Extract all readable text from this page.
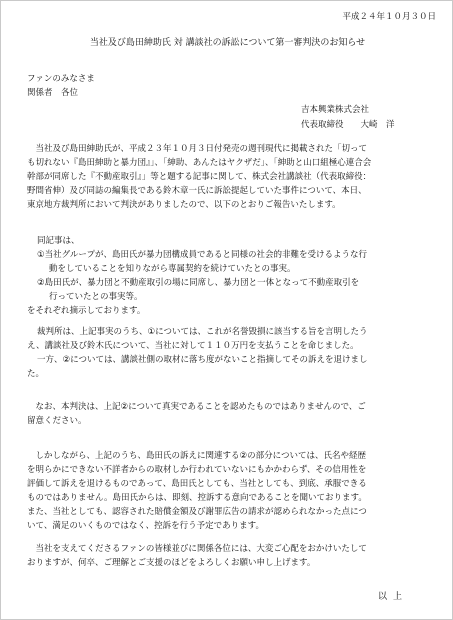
平成２４年１０月３０日
当社及び島田紳助氏 対 講談社の訴訟について第一審判決のお知らせ
ファンのみなさま
関係者　各位
吉本興業株式会社
代表取締役　　大崎　洋
　当社及び島田紳助氏が、平成２３年１０月３日付発売の週刊現代に掲載された「切って
も切れない『島田紳助と暴力団』」、「紳助、あんたはヤクザだ」、「紳助と山口組極心連合会
幹部が同席した『不動産取引』」等と題する記事に関して、株式会社講談社（代表取締役：
野間省伸）及び同誌の編集長である鈴木章一氏に訴訟提起していた事件について、本日、
東京地方裁判所において判決がありましたので、以下のとおりご報告いたします。
同記事は、
①当社グループが、島田氏が暴力団構成員であると同様の社会的非難を受けるような行
動をしていることを知りながら専属契約を続けていたとの事実。
②島田氏が、暴力団と不動産取引の場に同席し、暴力団と一体となって不動産取引を
行っていたとの事実等。
をそれぞれ摘示しております。
裁判所は、上記事実のうち、①については、これが名誉毀損に該当する旨を言明したう
え、講談社及び鈴木氏について、当社に対して１１０万円を支払うことを命じました。
一方、②については、講談社側の取材に落ち度がないこと指摘してその訴えを退けまし
た。
　なお、本判決は、上記②について真実であることを認めたものではありませんので、ご
留意ください。
　しかしながら、上記のうち、島田氏の訴えに関連する②の部分については、氏名や経歴
を明らかにできない不詳者からの取材しか行われていないにもかかわらず、その信用性を
評価して訴えを退けるものであって、島田氏としても、当社としても、到底、承服できる
ものではありません。島田氏からは、即刻、控訴する意向であることを聞いております。
また、当社としても、認容された賠償金額及び謝罪広告の請求が認められなかった点につ
いて、満足のいくものではなく、控訴を行う予定であります。
　当社を支えてくださるファンの皆様並びに関係各位には、大変ご心配をおかけいたして
おりますが、何卒、ご理解とご支援のほどをよろしくお願い申し上げます。
以上
